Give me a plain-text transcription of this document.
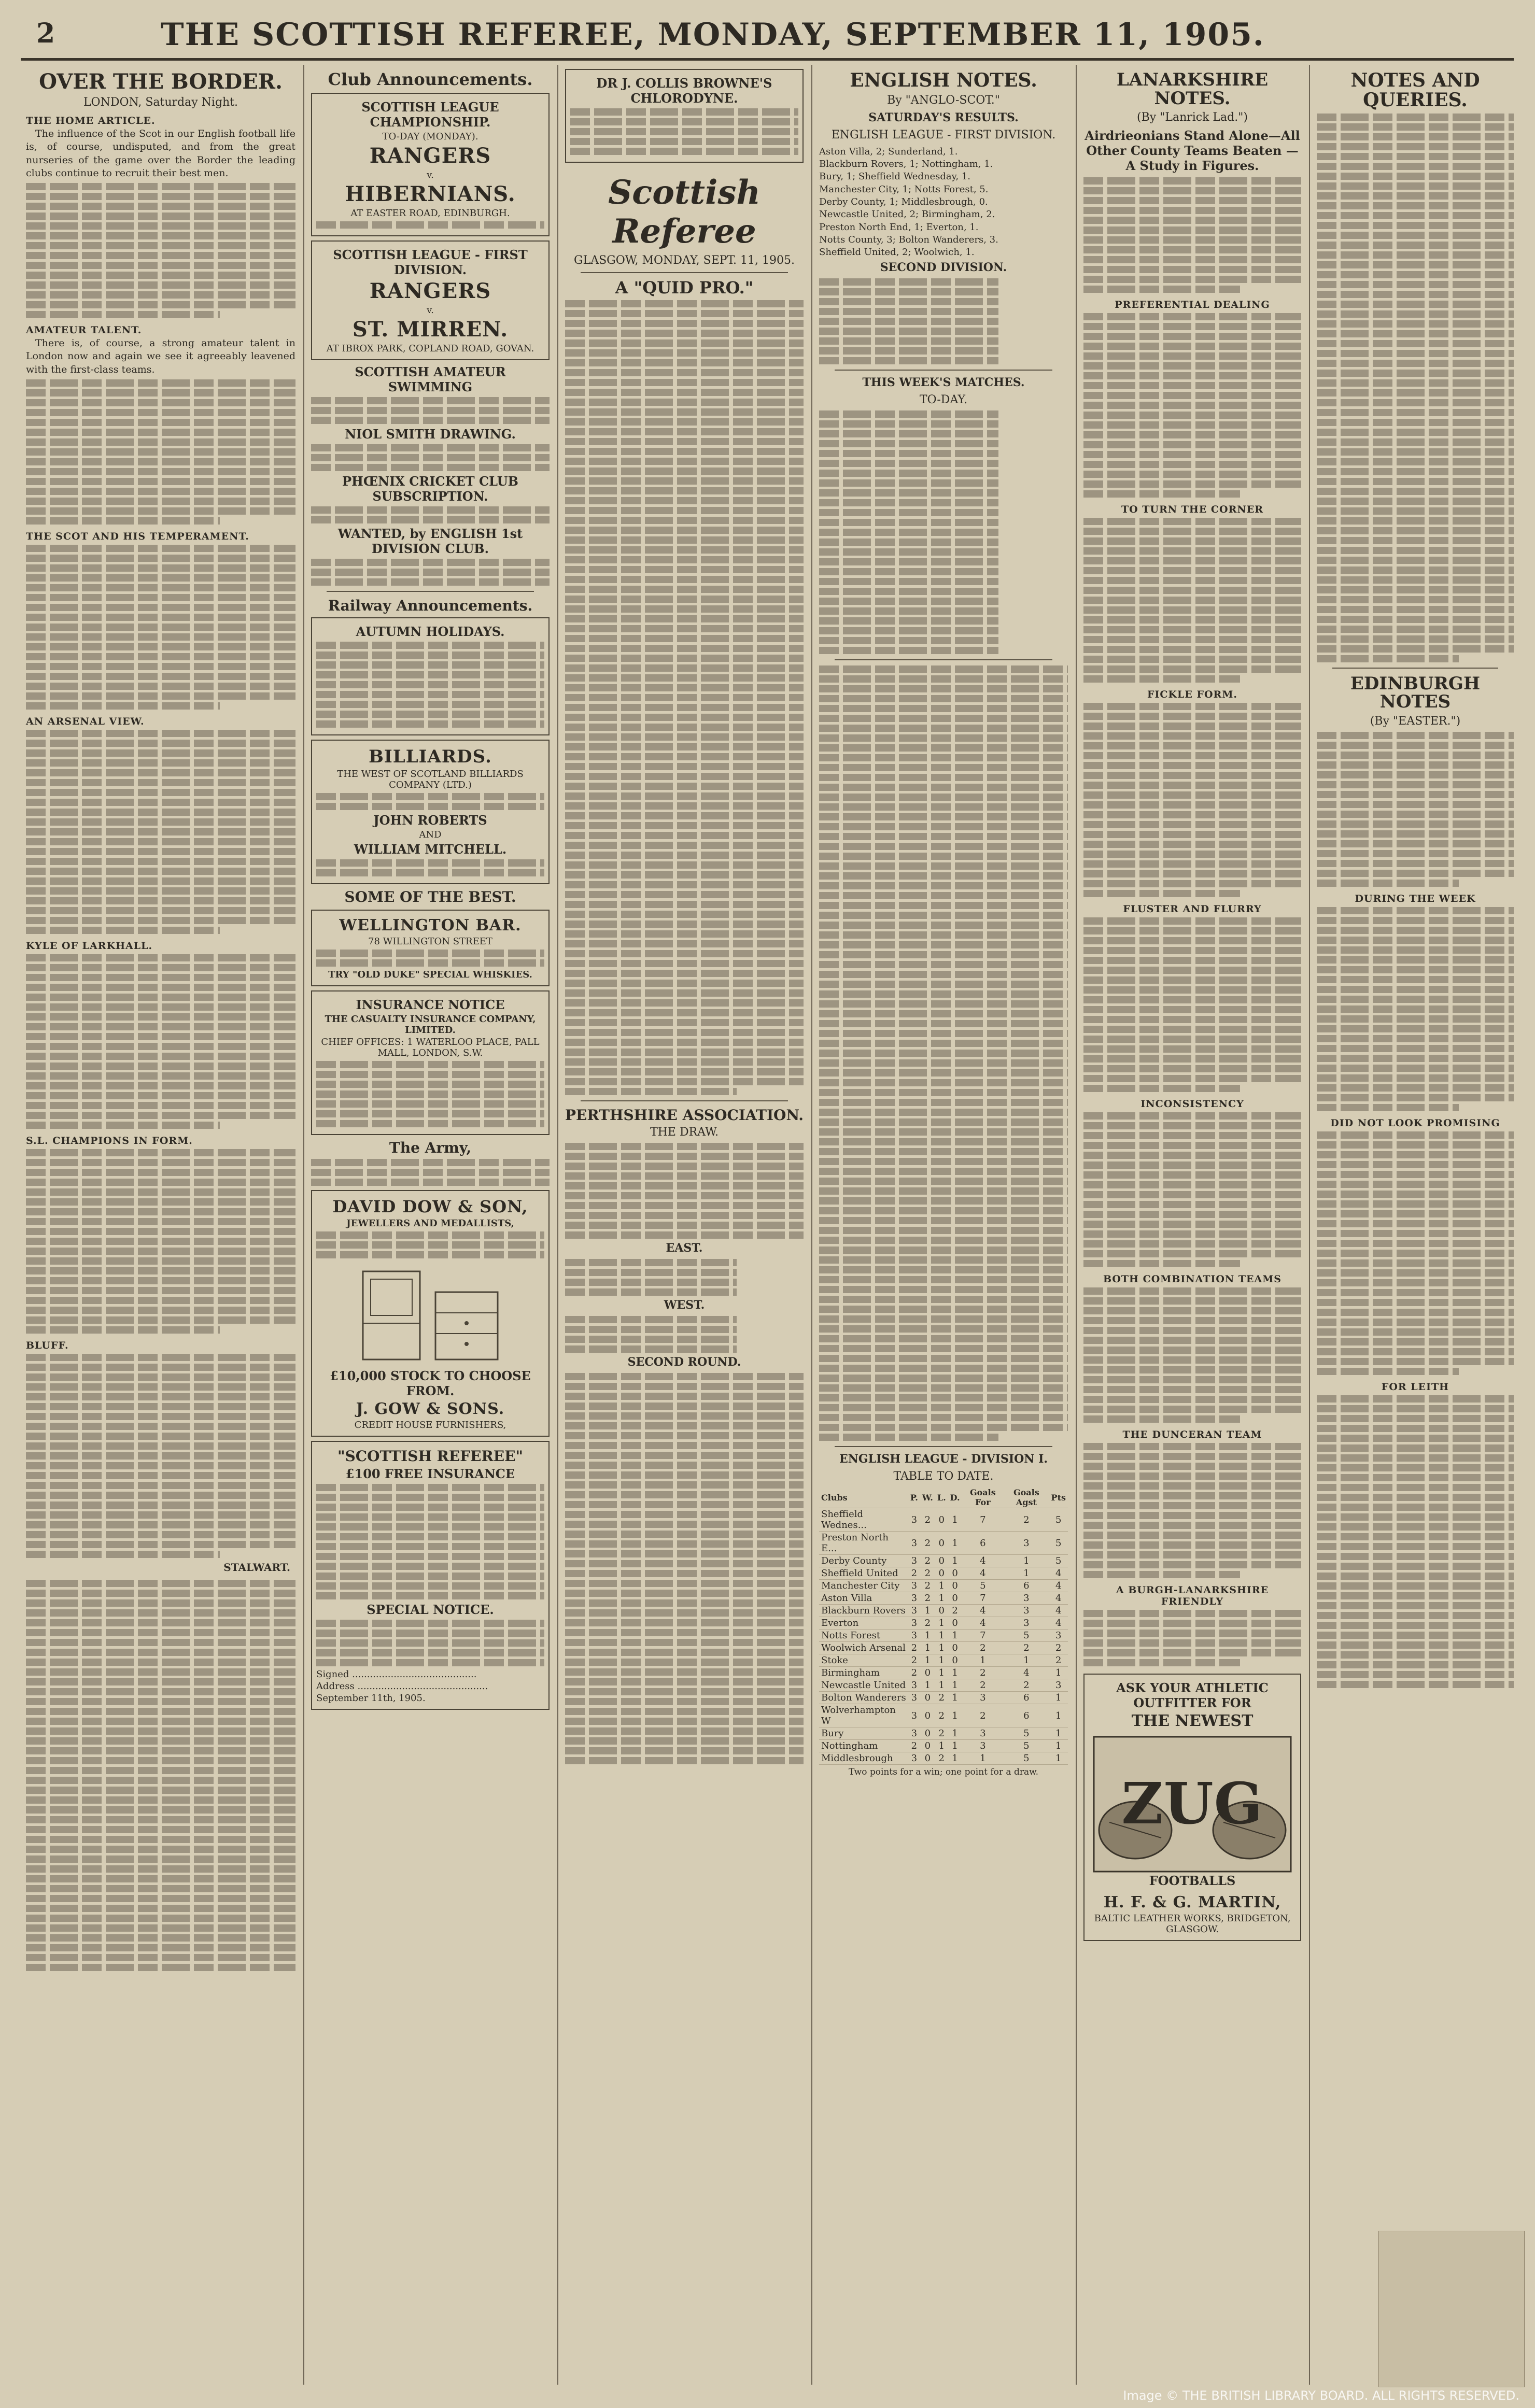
2	THE SCOTTISH REFEREE, MONDAY, SEPTEMBER 11, 1905.
OVER THE BORDER.
LONDON, Saturday Night.
THE HOME ARTICLE.

The influence of the Scot in our English football life is, of course, undisputed, and from the great nurseries of the game over the Border the leading clubs continue to recruit their best men.

AMATEUR TALENT.

There is, of course, a strong amateur talent in London now and again we see it agreeably leavened with the first-class teams.

THE SCOT AND HIS TEMPERAMENT.
AN ARSENAL VIEW.
KYLE OF LARKHALL.
S.L. CHAMPIONS IN FORM.
BLUFF.
STALWART.
Club Announcements.
SCOTTISH LEAGUE CHAMPIONSHIP.
TO-DAY (MONDAY).
RANGERS
v.
HIBERNIANS.
AT EASTER ROAD, EDINBURGH.
SCOTTISH LEAGUE - FIRST DIVISION.
RANGERS
v.
ST. MIRREN.
AT IBROX PARK, COPLAND ROAD, GOVAN.
SCOTTISH AMATEUR SWIMMING
NIOL SMITH DRAWING.
PHŒNIX CRICKET CLUB SUBSCRIPTION.
WANTED, by ENGLISH 1st DIVISION CLUB.
Railway Announcements.
AUTUMN HOLIDAYS.
BILLIARDS.
THE WEST OF SCOTLAND BILLIARDS COMPANY (LTD.)
JOHN ROBERTS
AND
WILLIAM MITCHELL.
SOME OF THE BEST.
WELLINGTON BAR.
78 WILLINGTON STREET
TRY "OLD DUKE" SPECIAL WHISKIES.
INSURANCE NOTICE
THE CASUALTY INSURANCE COMPANY, LIMITED.
CHIEF OFFICES: 1 WATERLOO PLACE, PALL MALL, LONDON, S.W.
The Army,
DAVID DOW & SON,
JEWELLERS AND MEDALLISTS,
£10,000 STOCK TO CHOOSE FROM.
J. GOW & SONS.
CREDIT HOUSE FURNISHERS,
"SCOTTISH REFEREE"
£100 FREE INSURANCE
SPECIAL NOTICE.
Signed ..........................................
Address ............................................
September 11th, 1905.
DR J. COLLIS BROWNE'S CHLORODYNE.
Scottish Referee
GLASGOW, MONDAY, SEPT. 11, 1905.
A "QUID PRO."
PERTHSHIRE ASSOCIATION.
THE DRAW.
EAST.
WEST.
SECOND ROUND.
ENGLISH NOTES.
By "ANGLO-SCOT."
SATURDAY'S RESULTS.
ENGLISH LEAGUE - FIRST DIVISION.
Aston Villa, 2; Sunderland, 1.
Blackburn Rovers, 1; Nottingham, 1.
Bury, 1; Sheffield Wednesday, 1.
Manchester City, 1; Notts Forest, 5.
Derby County, 1; Middlesbrough, 0.
Newcastle United, 2; Birmingham, 2.
Preston North End, 1; Everton, 1.
Notts County, 3; Bolton Wanderers, 3.
Sheffield United, 2; Woolwich, 1.
SECOND DIVISION.
THIS WEEK'S MATCHES.
TO-DAY.
ENGLISH LEAGUE - DIVISION I.
TABLE TO DATE.
Clubs	P.	W.	L.	D.	Goals For	Goals Agst	Pts
Sheffield Wednes...	3	2	0	1	7	2	5
Preston North E...	3	2	0	1	6	3	5
Derby County	3	2	0	1	4	1	5
Sheffield United	2	2	0	0	4	1	4
Manchester City	3	2	1	0	5	6	4
Aston Villa	3	2	1	0	7	3	4
Blackburn Rovers	3	1	0	2	4	3	4
Everton	3	2	1	0	4	3	4
Notts Forest	3	1	1	1	7	5	3
Woolwich Arsenal	2	1	1	0	2	2	2
Stoke	2	1	1	0	1	1	2
Birmingham	2	0	1	1	2	4	1
Newcastle United	3	1	1	1	2	2	3
Bolton Wanderers	3	0	2	1	3	6	1
Wolverhampton W	3	0	2	1	2	6	1
Bury	3	0	2	1	3	5	1
Nottingham	2	0	1	1	3	5	1
Middlesbrough	3	0	2	1	1	5	1
Two points for a win; one point for a draw.
LANARKSHIRE NOTES.
(By "Lanrick Lad.")
Airdrieonians Stand Alone—All Other County Teams Beaten — A Study in Figures.
PREFERENTIAL DEALING
TO TURN THE CORNER
FICKLE FORM.
FLUSTER AND FLURRY
INCONSISTENCY
BOTH COMBINATION TEAMS
THE DUNCERAN TEAM
A BURGH-LANARKSHIRE FRIENDLY
ASK YOUR ATHLETIC OUTFITTER FOR
THE NEWEST
ZUG
FOOTBALLS
H. F. & G. MARTIN,
BALTIC LEATHER WORKS, BRIDGETON, GLASGOW.
NOTES AND QUERIES.
EDINBURGH NOTES
(By "EASTER.")
DURING THE WEEK
DID NOT LOOK PROMISING
FOR LEITH
Image © THE BRITISH LIBRARY BOARD. ALL RIGHTS RESERVED.
